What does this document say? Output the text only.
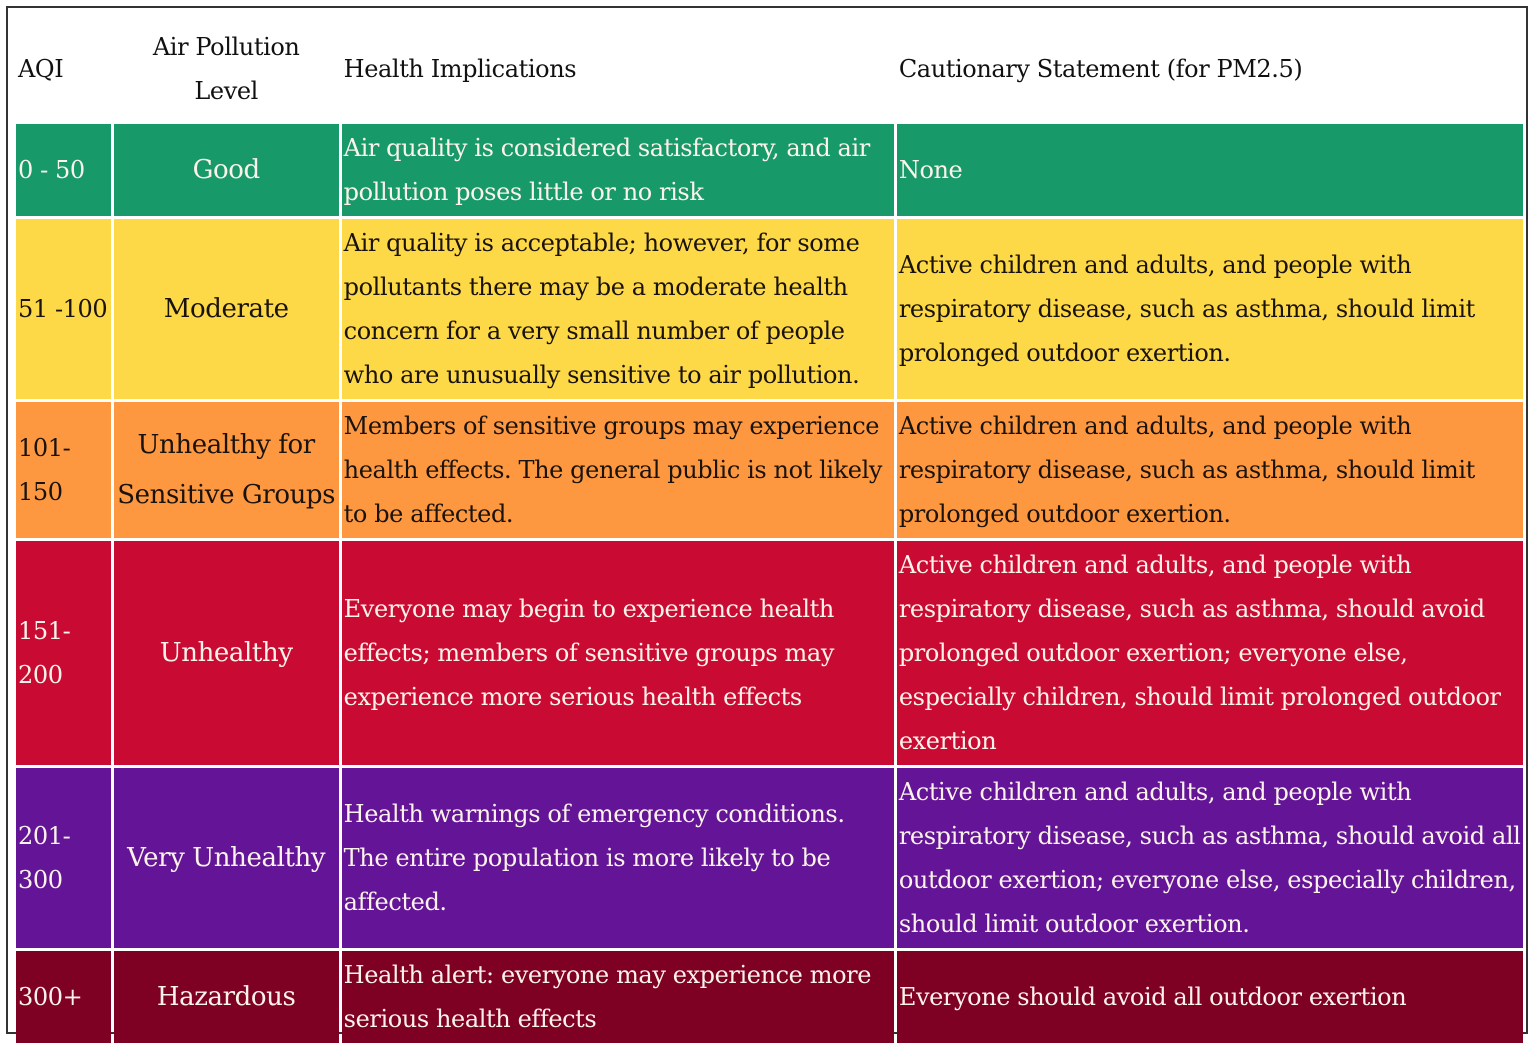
AQI	Air Pollution Level	Health Implications	Cautionary Statement (for PM2.5)
0 - 50	Good	Air quality is considered satisfactory, and air pollution poses little or no risk	None
51 -100	Moderate	Air quality is acceptable; however, for some pollutants there may be a moderate health concern for a very small number of people who are unusually sensitive to air pollution.	Active children and adults, and people with respiratory disease, such as asthma, should limit prolonged outdoor exertion.
101-150	Unhealthy for Sensitive Groups	Members of sensitive groups may experience health effects. The general public is not likely to be affected.	Active children and adults, and people with respiratory disease, such as asthma, should limit prolonged outdoor exertion.
151-200	Unhealthy	Everyone may begin to experience health effects; members of sensitive groups may experience more serious health effects	Active children and adults, and people with respiratory disease, such as asthma, should avoid prolonged outdoor exertion; everyone else, especially children, should limit prolonged outdoor exertion
201-300	Very Unhealthy	Health warnings of emergency conditions. The entire population is more likely to be affected.	Active children and adults, and people with respiratory disease, such as asthma, should avoid all outdoor exertion; everyone else, especially children, should limit outdoor exertion.
300+	Hazardous	Health alert: everyone may experience more serious health effects	Everyone should avoid all outdoor exertion
